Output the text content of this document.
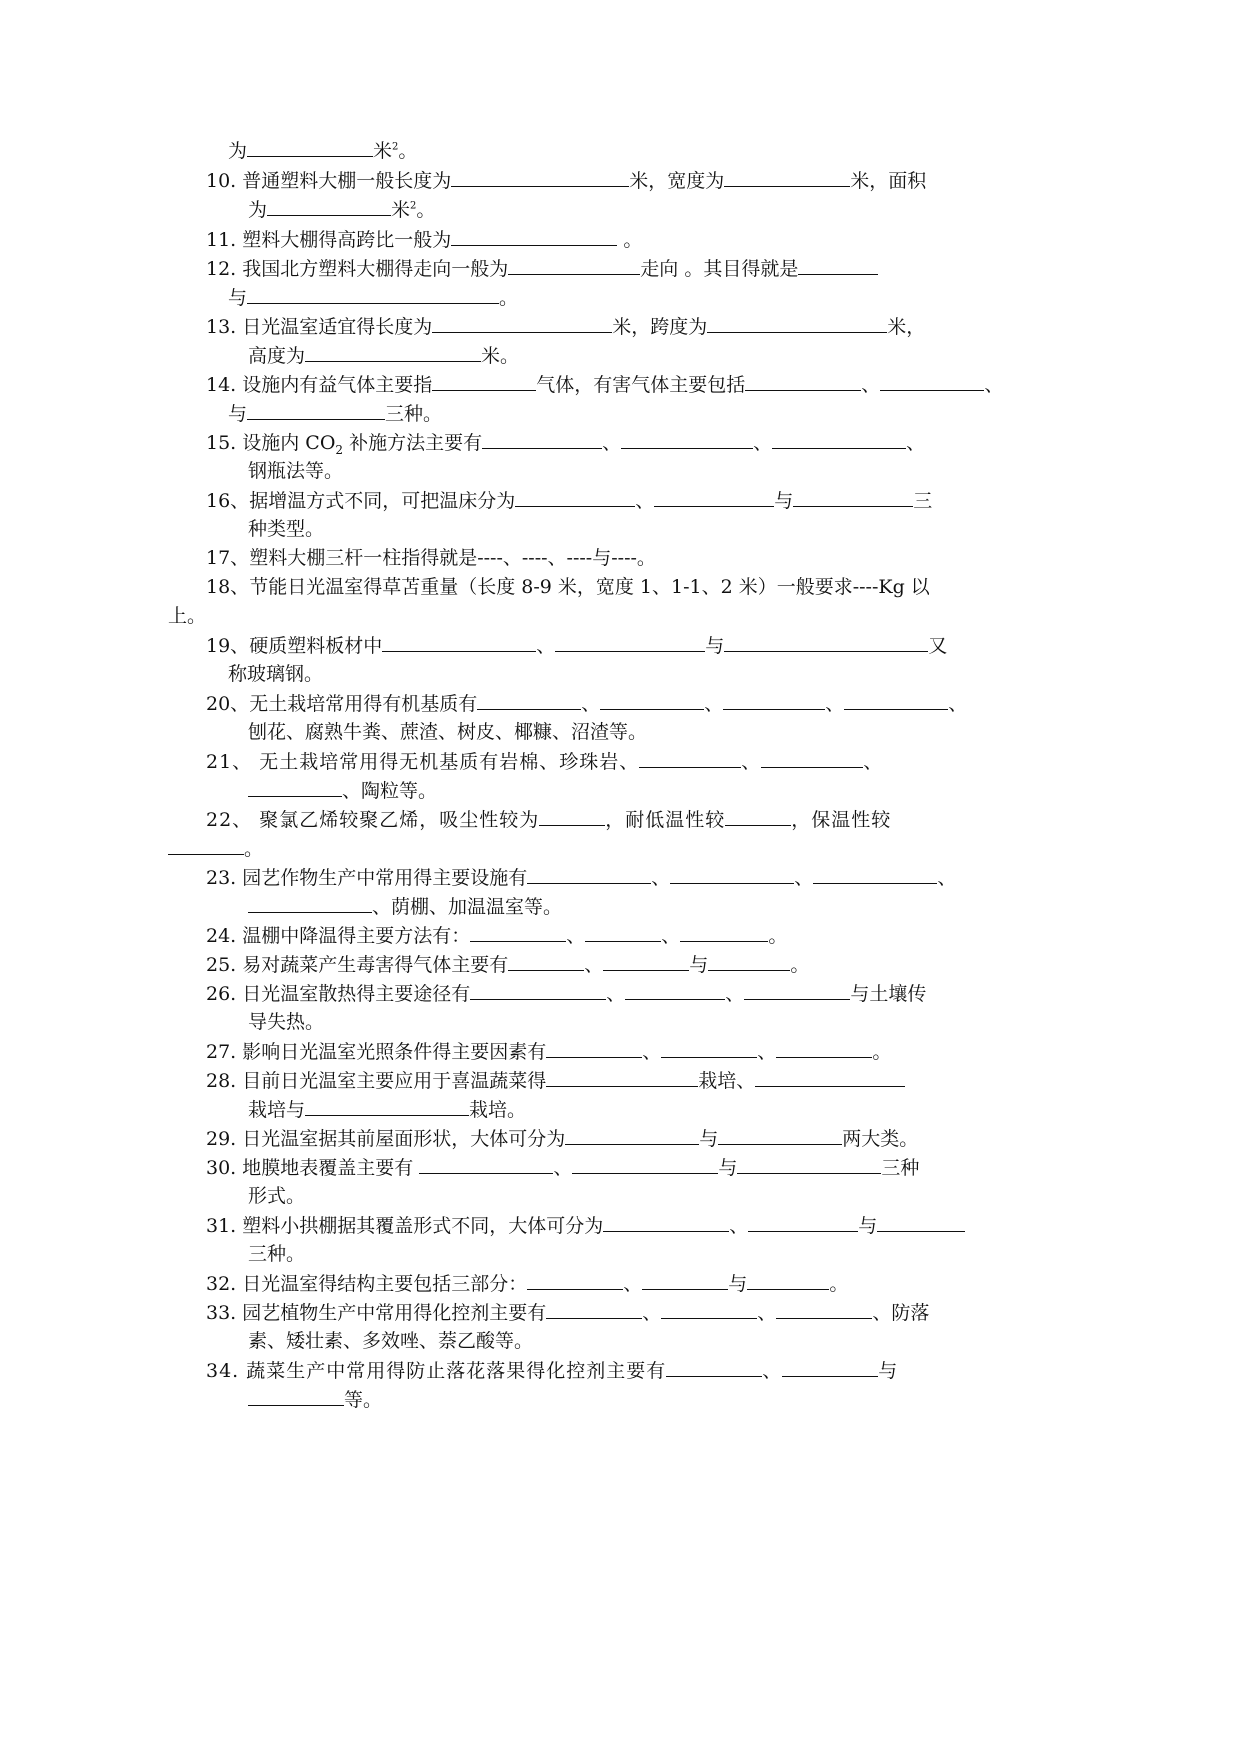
为	米$^2$。
10. 普通塑料大棚一般长度为	米，宽度为	米，面积
为	米$^2$。
11. 塑料大棚得高跨比一般为	。
12. 我国北方塑料大棚得走向一般为	走向 。其目得就是
与	。
13. 日光温室适宜得长度为	米，跨度为	米，
高度为	米。
14. 设施内有益气体主要指	气体，有害气体主要包括	、	、
与	三种。
15. 设施内 $CO_2$ 补施方法主要有	、	、	、
钢瓶法等。
16、据增温方式不同，可把温床分为	、	与	三
种类型。
17、塑料大棚三杆一柱指得就是----、----、----与----。
18、节能日光温室得草苫重量（长度 8-9 米，宽度 1、1-1、2 米）一般要求----Kg 以
上。
19、硬质塑料板材中	、	与	又
称玻璃钢。
20、无土栽培常用得有机基质有	、	、	、	、
刨花、腐熟牛粪、蔗渣、树皮、椰糠、沼渣等。
21、 无土栽培常用得无机基质有岩棉、珍珠岩、	、	、
、陶粒等。
22、 聚氯乙烯较聚乙烯，吸尘性较为	，耐低温性较	，保温性较
。
23. 园艺作物生产中常用得主要设施有	、	、	、
、荫棚、加温温室等。
24. 温棚中降温得主要方法有：	、	、	。
25. 易对蔬菜产生毒害得气体主要有	、	与	。
26. 日光温室散热得主要途径有	、	、	与土壤传
导失热。
27. 影响日光温室光照条件得主要因素有	、	、	。
28. 目前日光温室主要应用于喜温蔬菜得	栽培、
栽培与	栽培。
29. 日光温室据其前屋面形状，大体可分为	与	两大类。
30. 地膜地表覆盖主要有	、	与	三种
形式。
31. 塑料小拱棚据其覆盖形式不同，大体可分为	、	与
三种。
32. 日光温室得结构主要包括三部分：	、	与	。
33. 园艺植物生产中常用得化控剂主要有	、	、	、防落
素、矮壮素、多效唑、萘乙酸等。
34. 蔬菜生产中常用得防止落花落果得化控剂主要有	、	与
等。
